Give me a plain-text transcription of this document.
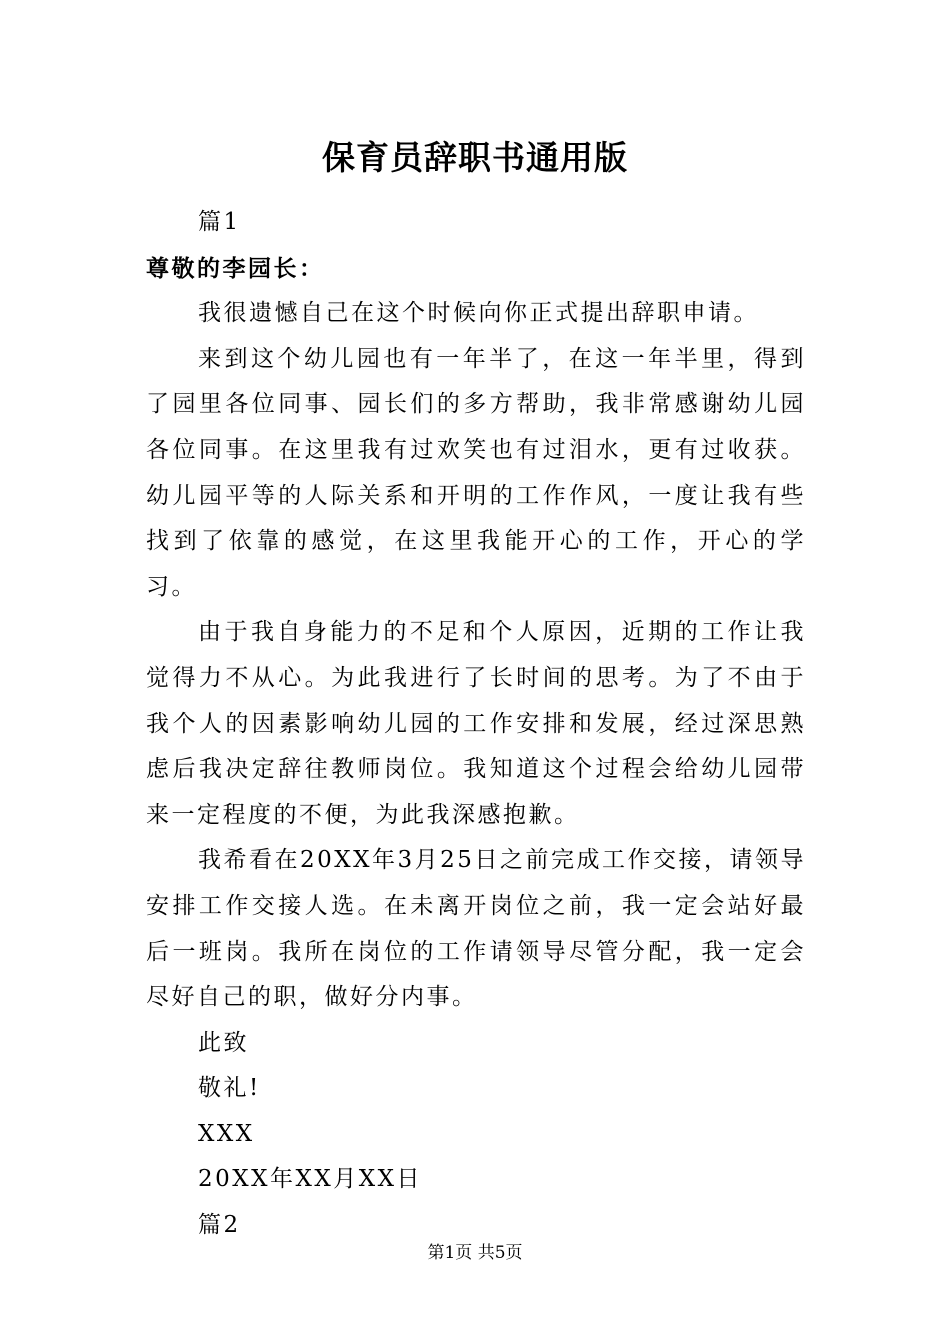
保育员辞职书通用版

篇1

尊敬的李园长：

我很遗憾自己在这个时候向你正式提出辞职申请。

来到这个幼儿园也有一年半了，在这一年半里，得到了园里各位同事、园长们的多方帮助，我非常感谢幼儿园各位同事。在这里我有过欢笑也有过泪水，更有过收获。幼儿园平等的人际关系和开明的工作作风，一度让我有些找到了依靠的感觉，在这里我能开心的工作，开心的学习。

由于我自身能力的不足和个人原因，近期的工作让我觉得力不从心。为此我进行了长时间的思考。为了不由于我个人的因素影响幼儿园的工作安排和发展，经过深思熟虑后我决定辞往教师岗位。我知道这个过程会给幼儿园带来一定程度的不便，为此我深感抱歉。

我希看在20XX年3月25日之前完成工作交接，请领导安排工作交接人选。在未离开岗位之前，我一定会站好最后一班岗。我所在岗位的工作请领导尽管分配，我一定会尽好自己的职，做好分内事。

此致

敬礼!

XXX

20XX年XX月XX日

篇2

第1页 共5页
